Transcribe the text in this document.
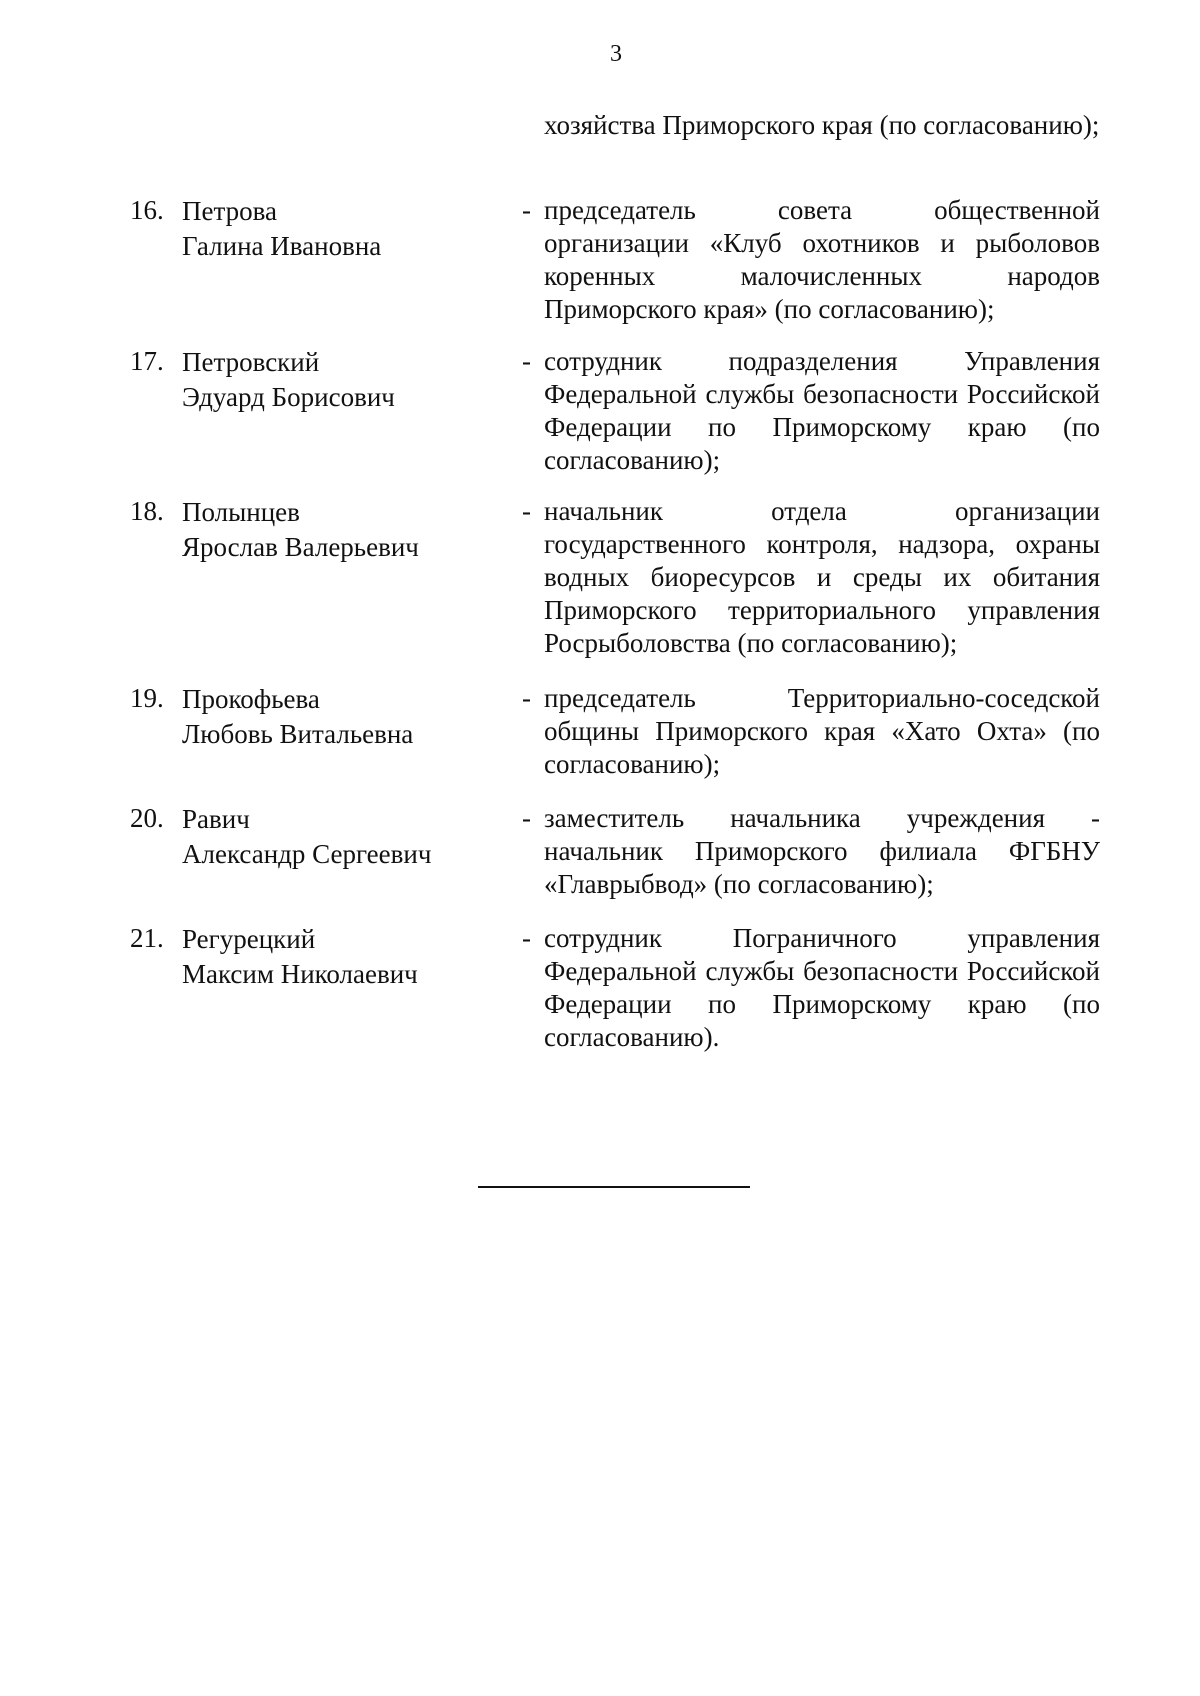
3
хозяйства Приморского края (по согласованию);
16. Петрова
Галина Ивановна
- председатель совета общественной организации «Клуб охотников и рыболовов коренных малочисленных народов Приморского края» (по согласованию);
17. Петровский
Эдуард Борисович
- сотрудник подразделения Управления Федеральной службы безопасности Российской Федерации по Приморскому краю (по согласованию);
18. Полынцев
Ярослав Валерьевич
- начальник отдела организации государственного контроля, надзора, охраны водных биоресурсов и среды их обитания Приморского территориального управления Росрыболовства (по согласованию);
19. Прокофьева
Любовь Витальевна
- председатель Территориально-соседской общины Приморского края «Хато Охта» (по согласованию);
20. Равич
Александр Сергеевич
- заместитель начальника учреждения - начальник Приморского филиала ФГБНУ «Главрыбвод» (по согласованию);
21. Регурецкий
Максим Николаевич
- сотрудник Пограничного управления Федеральной службы безопасности Российской Федерации по Приморскому краю (по согласованию).
